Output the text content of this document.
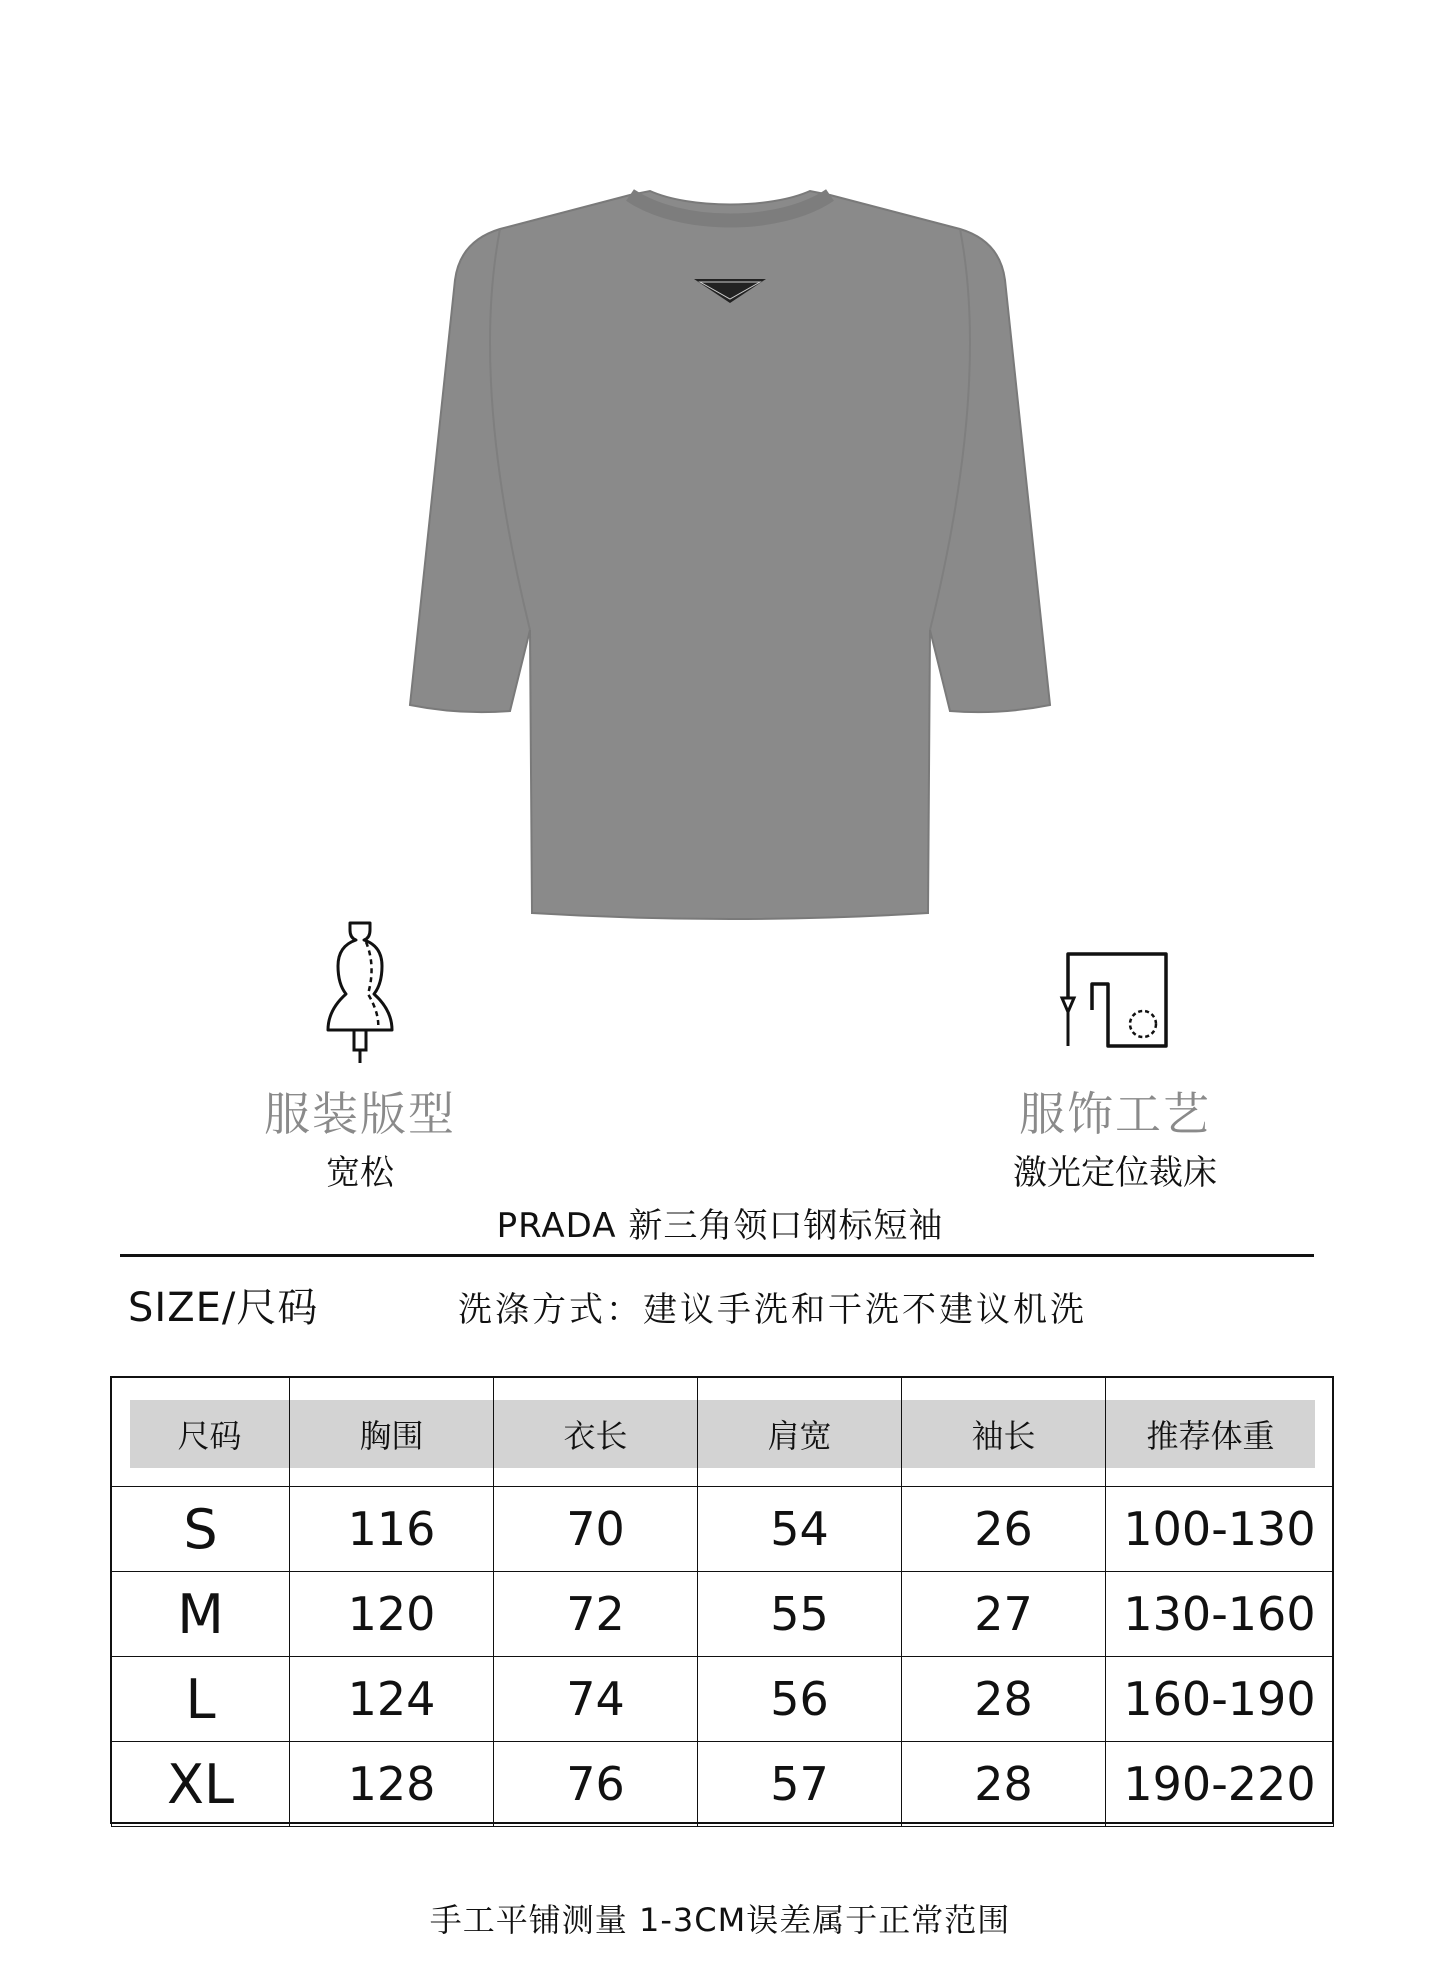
服装版型
宽松
服饰工艺
激光定位裁床
PRADA 新三角领口钢标短袖
SIZE/尺码	洗涤方式：建议手洗和干洗不建议机洗
尺码	胸围	衣长	肩宽	袖长	推荐体重

S	116	70	54	26	100-130
M	120	72	55	27	130-160
L	124	74	56	28	160-190
XL	128	76	57	28	190-220
手工平铺测量 1-3CM误差属于正常范围
